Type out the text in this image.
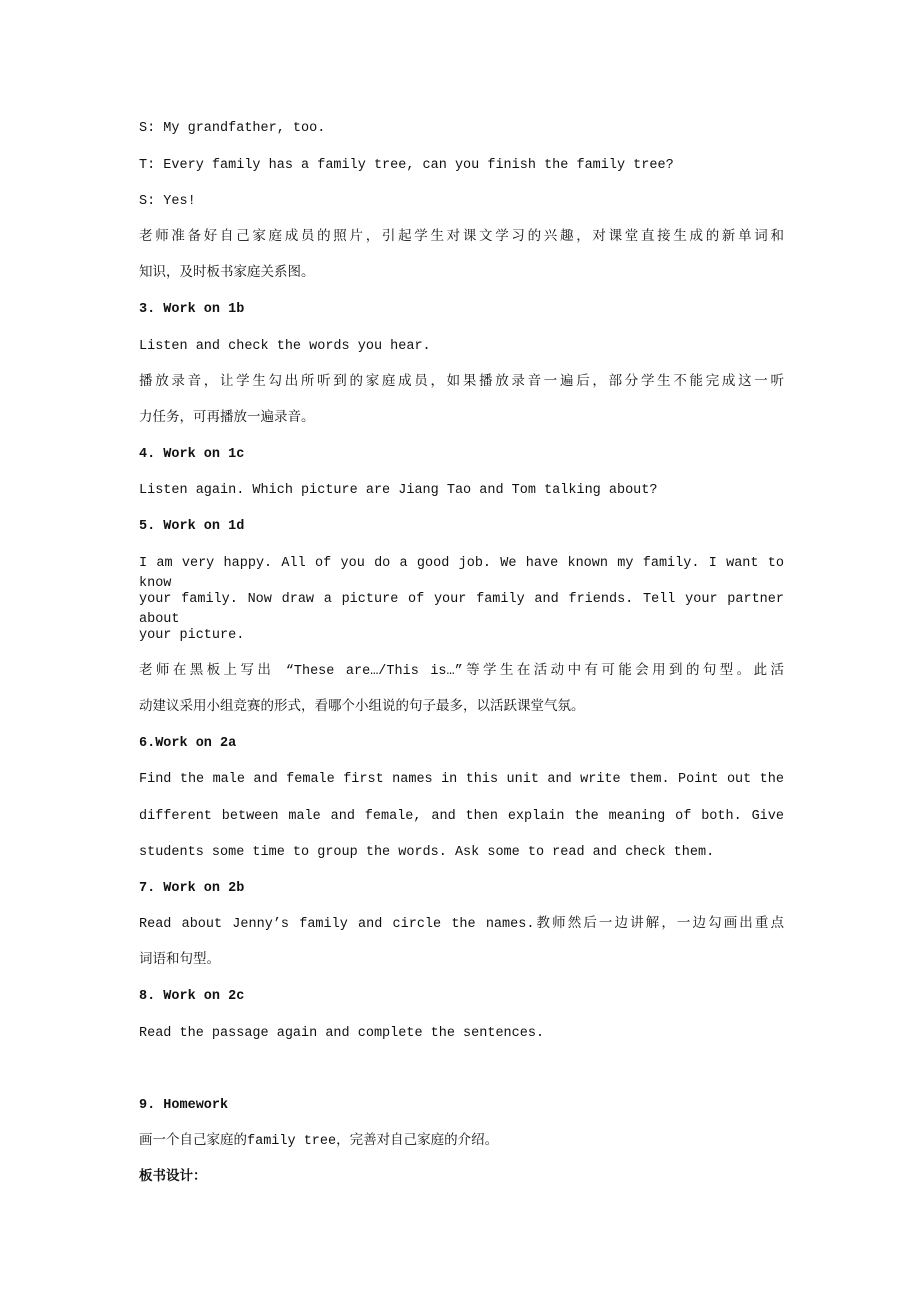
S: My grandfather, too.
T: Every family has a family tree, can you finish the family tree?
S: Yes!
老师准备好自己家庭成员的照片，引起学生对课文学习的兴趣，对课堂直接生成的新单词和
知识，及时板书家庭关系图。
3. Work on 1b
Listen and check the words you hear.
播放录音，让学生勾出所听到的家庭成员，如果播放录音一遍后，部分学生不能完成这一听
力任务，可再播放一遍录音。
4. Work on 1c
Listen again. Which picture are Jiang Tao and Tom talking about?
5. Work on 1d
I am very happy. All of you do a good job. We have known my family. I want to know
your family. Now draw a picture of your family and friends. Tell your partner about
your picture.
老师在黑板上写出 “These are…/This is…”等学生在活动中有可能会用到的句型。此活
动建议采用小组竞赛的形式，看哪个小组说的句子最多，以活跃课堂气氛。
6.Work on 2a
Find the male and female first names in this unit and write them. Point out the
different between male and female, and then explain the meaning of both. Give
students some time to group the words. Ask some to read and check them.
7. Work on 2b
Read about Jenny’s family and circle the names.教师然后一边讲解，一边勾画出重点
词语和句型。
8. Work on 2c
Read the passage again and complete the sentences.
9. Homework
画一个自己家庭的family tree，完善对自己家庭的介绍。
板书设计：
